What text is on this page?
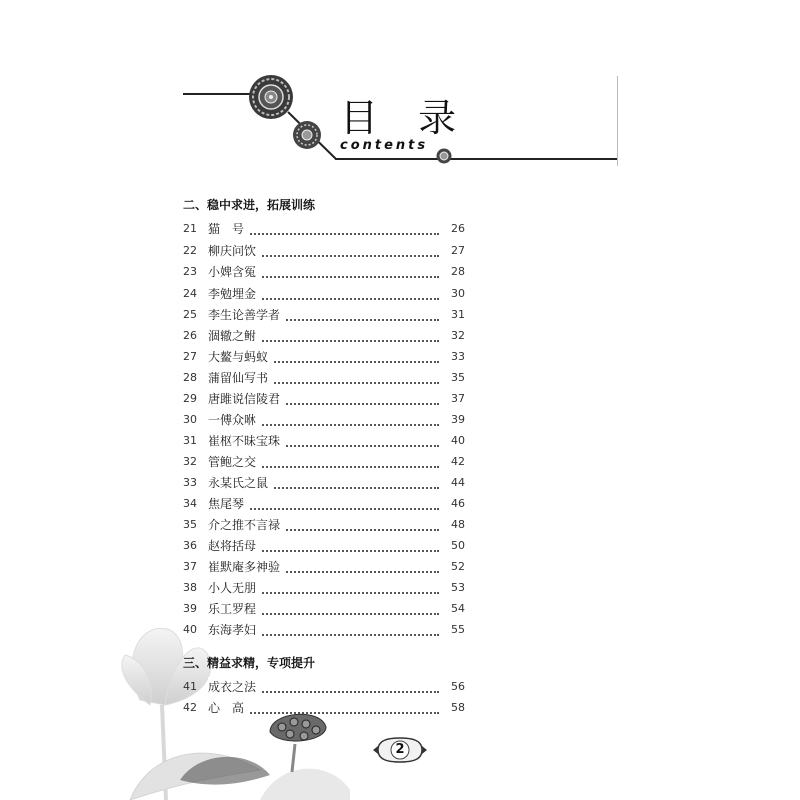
目 录
contents
二、稳中求进，拓展训练
21 猫　号	26
22 柳庆问饮	27
23 小婢含冤	28
24 李勉埋金	30
25 李生论善学者	31
26 涸辙之鲋	32
27 大鳌与蚂蚁	33
28 蒲留仙写书	35
29 唐雎说信陵君	37
30 一傅众咻	39
31 崔枢不昧宝珠	40
32 管鲍之交	42
33 永某氏之鼠	44
34 焦尾琴	46
35 介之推不言禄	48
36 赵将括母	50
37 崔默庵多神验	52
38 小人无朋	53
39 乐工罗程	54
40 东海孝妇	55
三、精益求精，专项提升
41 成衣之法	56
42 心　高	58
2
